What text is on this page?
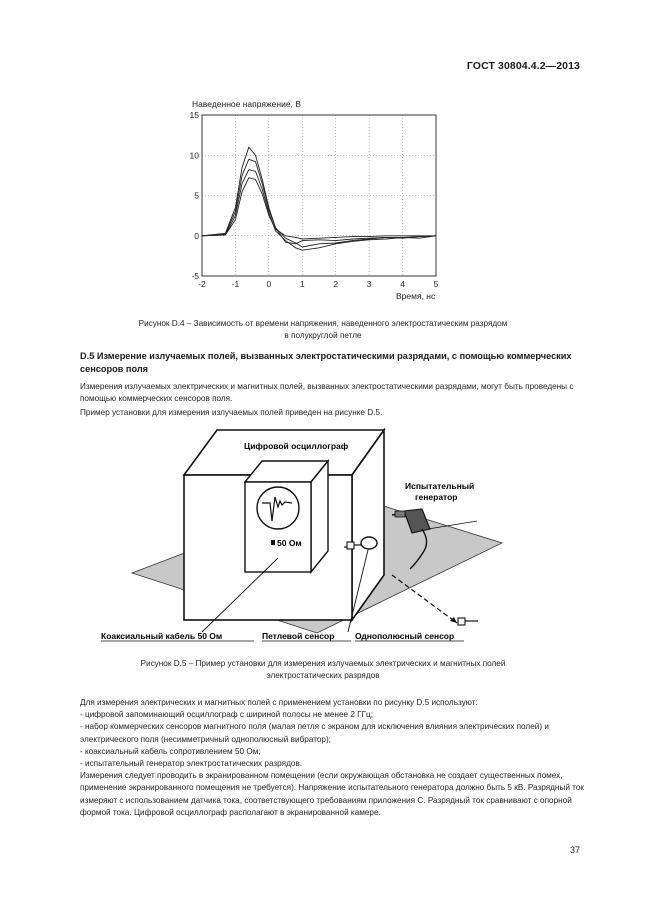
ГОСТ 30804.4.2—2013
Наведенное напряжение, В
15
10
5
0
-5
-2	-1	0	1	2	3	4	5
Время, нс
Рисунок D.4 – Зависимость от времени напряжения, наведенного электростатическим разрядом
в полукруглой петле
D.5 Измерение излучаемых полей, вызванных электростатическими разрядами, с помощью коммерческих сенсоров поля
Измерения излучаемых электрических и магнитных полей, вызванных электростатическими разрядами, могут быть проведены с помощью коммерческих сенсоров поля.
Пример установки для измерения излучаемых полей приведен на рисунке D.5.
50 Ом
Цифровой осциллограф
Испытательный
генератор
Коаксиальный кабель 50 Ом	Петлевой сенсор Однополюсный сенсор
Рисунок D.5 – Пример установки для измерения излучаемых электрических и магнитных полей
электростатических разрядов
Для измерения электрических и магнитных полей с применением установки по рисунку D.5 используют:
- цифровой запоминающий осциллограф с шириной полосы не менее 2 ГГц;
- набор коммерческих сенсоров магнитного поля (малая петля с экраном для исключения влияния электрических полей) и электрического поля (несимметричный однополюсный вибратор);
- коаксиальный кабель сопротивлением 50 Ом;
- испытательный генератор электростатических разрядов.
Измерения следует проводить в экранированном помещении (если окружающая обстановка не создает существенных помех, применение экранированного помещения не требуется). Напряжение испытательного генератора должно быть 5 кВ. Разрядный ток измеряют с использованием датчика тока, соответствующего требованиям приложения С. Разрядный ток сравнивают с опорной формой тока. Цифровой осциллограф располагают в экранированной камере.
37
